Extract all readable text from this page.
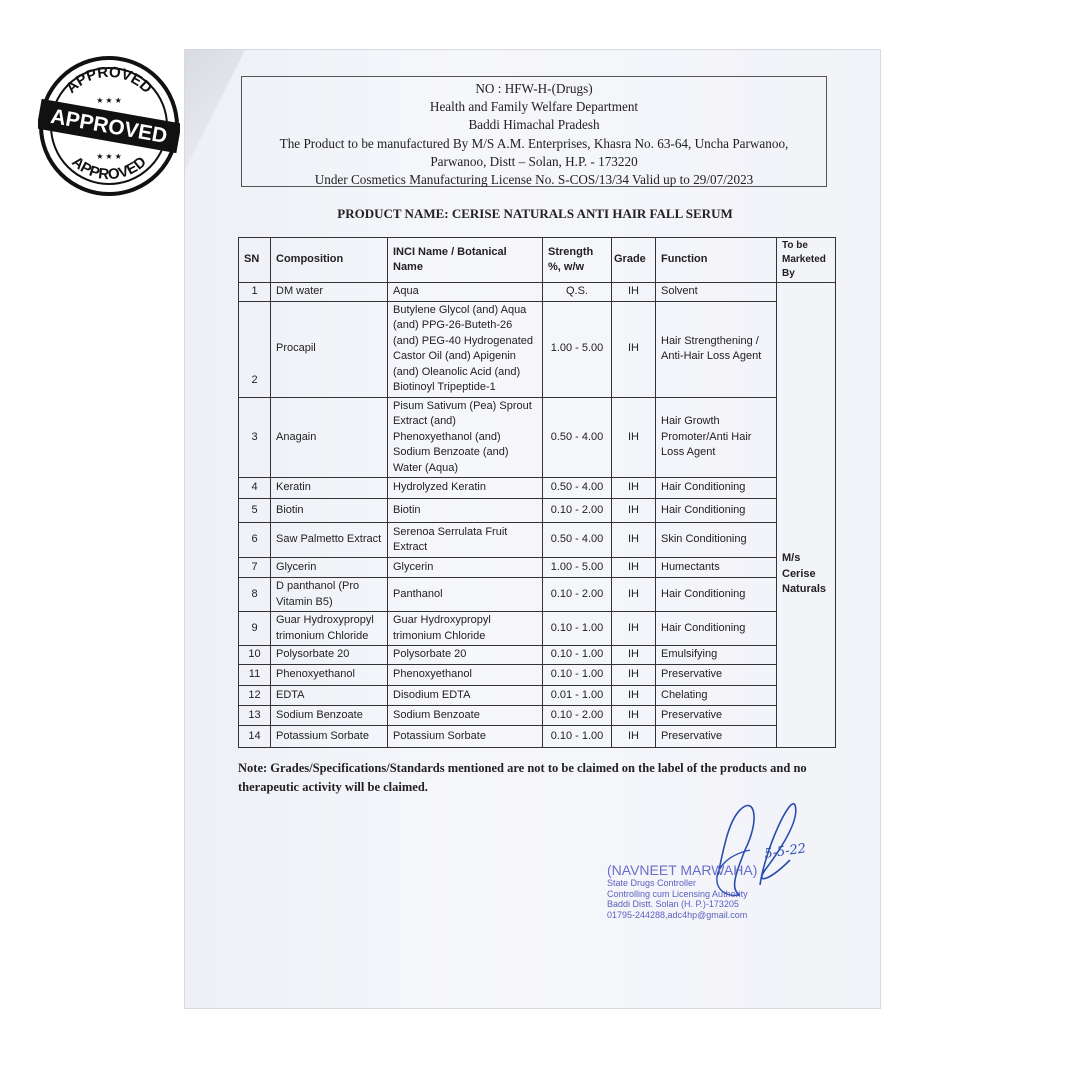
APPROVED
APPROVED
APPROVED
★ ★ ★
★ ★ ★
NO : HFW-H-(Drugs)
Health and Family Welfare Department
Baddi Himachal Pradesh
The Product to be manufactured By M/S A.M. Enterprises, Khasra No. 63-64, Uncha Parwanoo,
Parwanoo, Distt – Solan, H.P. - 173220
Under Cosmetics Manufacturing License No. S-COS/13/34 Valid up to 29/07/2023
PRODUCT NAME: CERISE NATURALS ANTI HAIR FALL SERUM
SN	Composition	INCI Name / Botanical Name	Strength %, w/w	Grade	Function	To be Marketed By
1	DM water	Aqua	Q.S.	IH	Solvent	M/s Cerise Naturals
2	Procapil	Butylene Glycol (and) Aqua (and) PPG-26-Buteth-26 (and) PEG-40 Hydrogenated Castor Oil (and) Apigenin (and) Oleanolic Acid (and) Biotinoyl Tripeptide-1	1.00 - 5.00	IH	Hair Strengthening / Anti-Hair Loss Agent	
3	Anagain	Pisum Sativum (Pea) Sprout Extract (and) Phenoxyethanol (and) Sodium Benzoate (and) Water (Aqua)	0.50 - 4.00	IH	Hair Growth Promoter/Anti Hair Loss Agent	
4	Keratin	Hydrolyzed Keratin	0.50 - 4.00	IH	Hair Conditioning	
5	Biotin	Biotin	0.10 - 2.00	IH	Hair Conditioning	
6	Saw Palmetto Extract	Serenoa Serrulata Fruit Extract	0.50 - 4.00	IH	Skin Conditioning	
7	Glycerin	Glycerin	1.00 - 5.00	IH	Humectants	
8	D panthanol (Pro Vitamin B5)	Panthanol	0.10 - 2.00	IH	Hair Conditioning	
9	Guar Hydroxypropyl trimonium Chloride	Guar Hydroxypropyl trimonium Chloride	0.10 - 1.00	IH	Hair Conditioning	
10	Polysorbate 20	Polysorbate 20	0.10 - 1.00	IH	Emulsifying	
11	Phenoxyethanol	Phenoxyethanol	0.10 - 1.00	IH	Preservative	
12	EDTA	Disodium EDTA	0.01 - 1.00	IH	Chelating	
13	Sodium Benzoate	Sodium Benzoate	0.10 - 2.00	IH	Preservative	
14	Potassium Sorbate	Potassium Sorbate	0.10 - 1.00	IH	Preservative	
Note: Grades/Specifications/Standards mentioned are not to be claimed on the label of the products and no therapeutic activity will be claimed.
5-5-22
(NAVNEET MARWAHA)
State Drugs Controller
Controlling cum Licensing Authority
Baddi Distt. Solan (H. P.)-173205
01795-244288,adc4hp@gmail.com
